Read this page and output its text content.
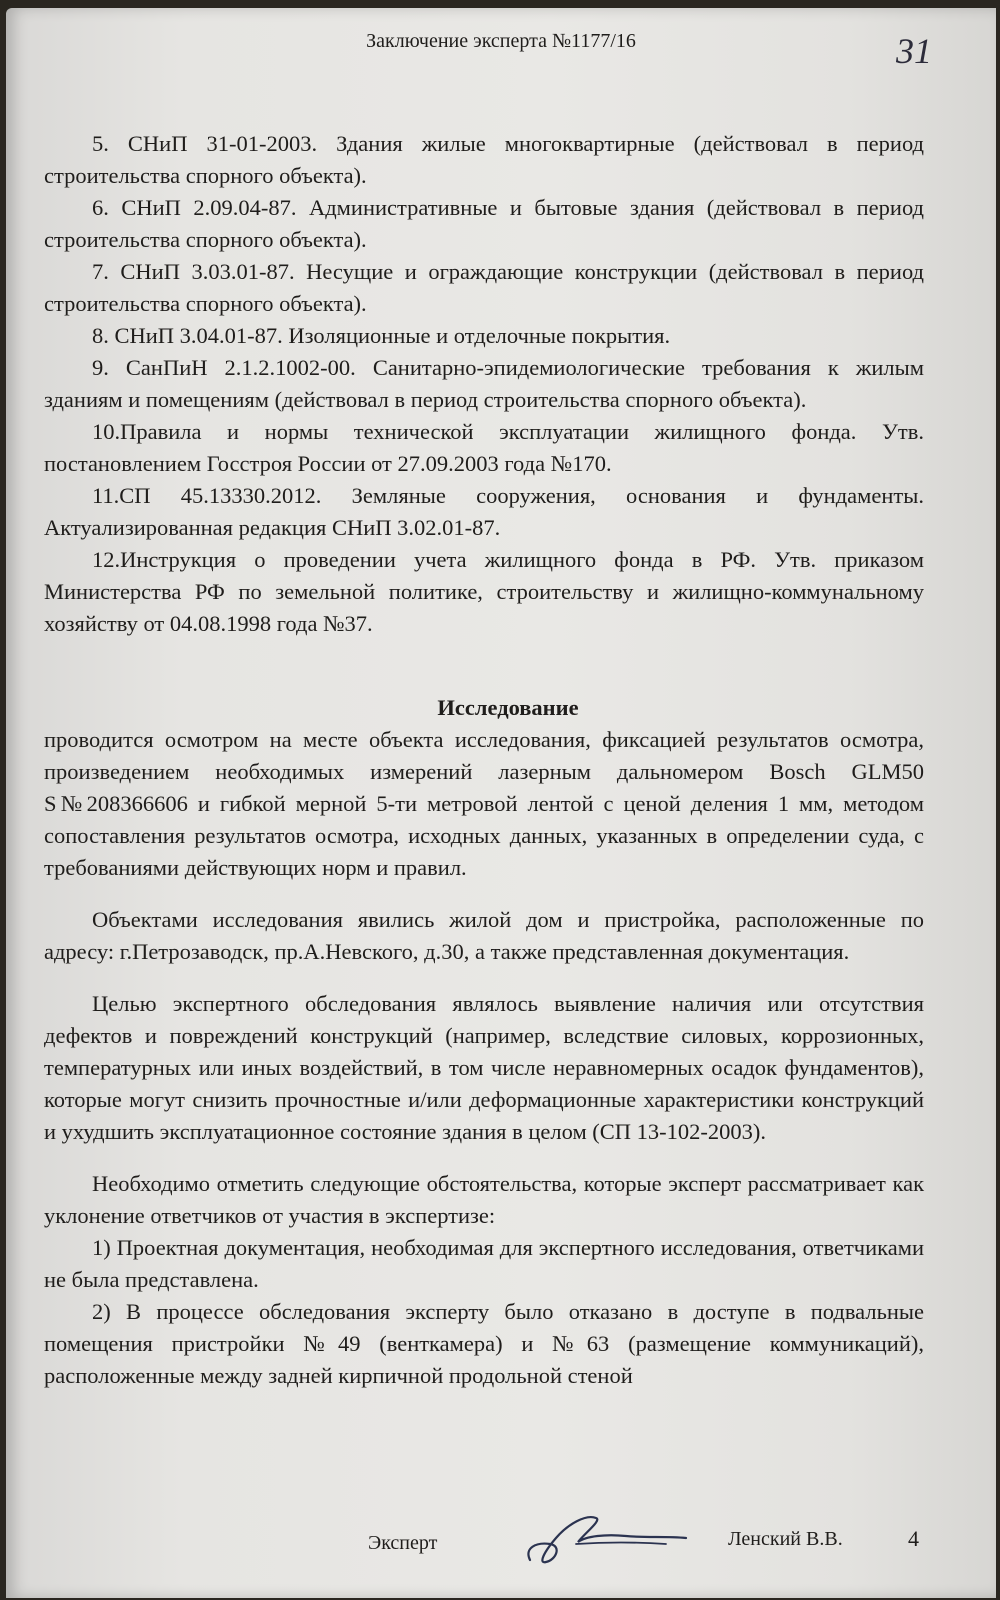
Заключение эксперта №1177/16	31

5. СНиП 31-01-2003. Здания жилые многоквартирные (действовал в период строительства спорного объекта).

6. СНиП 2.09.04-87. Административные и бытовые здания (действовал в период строительства спорного объекта).

7. СНиП 3.03.01-87. Несущие и ограждающие конструкции (действовал в период строительства спорного объекта).

8. СНиП 3.04.01-87. Изоляционные и отделочные покрытия.

9. СанПиН 2.1.2.1002-00. Санитарно-эпидемиологические требования к жилым зданиям и помещениям (действовал в период строительства спорного объекта).

10.Правила и нормы технической эксплуатации жилищного фонда. Утв. постановлением Госстроя России от 27.09.2003 года №170.

11.СП 45.13330.2012. Земляные сооружения, основания и фундаменты. Актуализированная редакция СНиП 3.02.01-87.

12.Инструкция о проведении учета жилищного фонда в РФ. Утв. приказом Министерства РФ по земельной политике, строительству и жилищно-коммунальному хозяйству от 04.08.1998 года №37.

Исследование

проводится осмотром на месте объекта исследования, фиксацией результатов осмотра, произведением необходимых измерений лазерным дальномером Bosch GLM50 S№208366606 и гибкой мерной 5-ти метровой лентой с ценой деления 1 мм, методом сопоставления результатов осмотра, исходных данных, указанных в определении суда, с требованиями действующих норм и правил.

Объектами исследования явились жилой дом и пристройка, расположенные по адресу: г.Петрозаводск, пр.А.Невского, д.30, а также представленная документация.

Целью экспертного обследования являлось выявление наличия или отсутствия дефектов и повреждений конструкций (например, вследствие силовых, коррозионных, температурных или иных воздействий, в том числе неравномерных осадок фундаментов), которые могут снизить прочностные и/или деформационные характеристики конструкций и ухудшить эксплуатационное состояние здания в целом (СП 13-102-2003).

Необходимо отметить следующие обстоятельства, которые эксперт рассматривает как уклонение ответчиков от участия в экспертизе:

1) Проектная документация, необходимая для экспертного исследования, ответчиками не была представлена.

2) В процессе обследования эксперту было отказано в доступе в подвальные помещения пристройки №49 (венткамера) и №63 (размещение коммуникаций), расположенные между задней кирпичной продольной стеной

Эксперт	Ленский В.В.	4
